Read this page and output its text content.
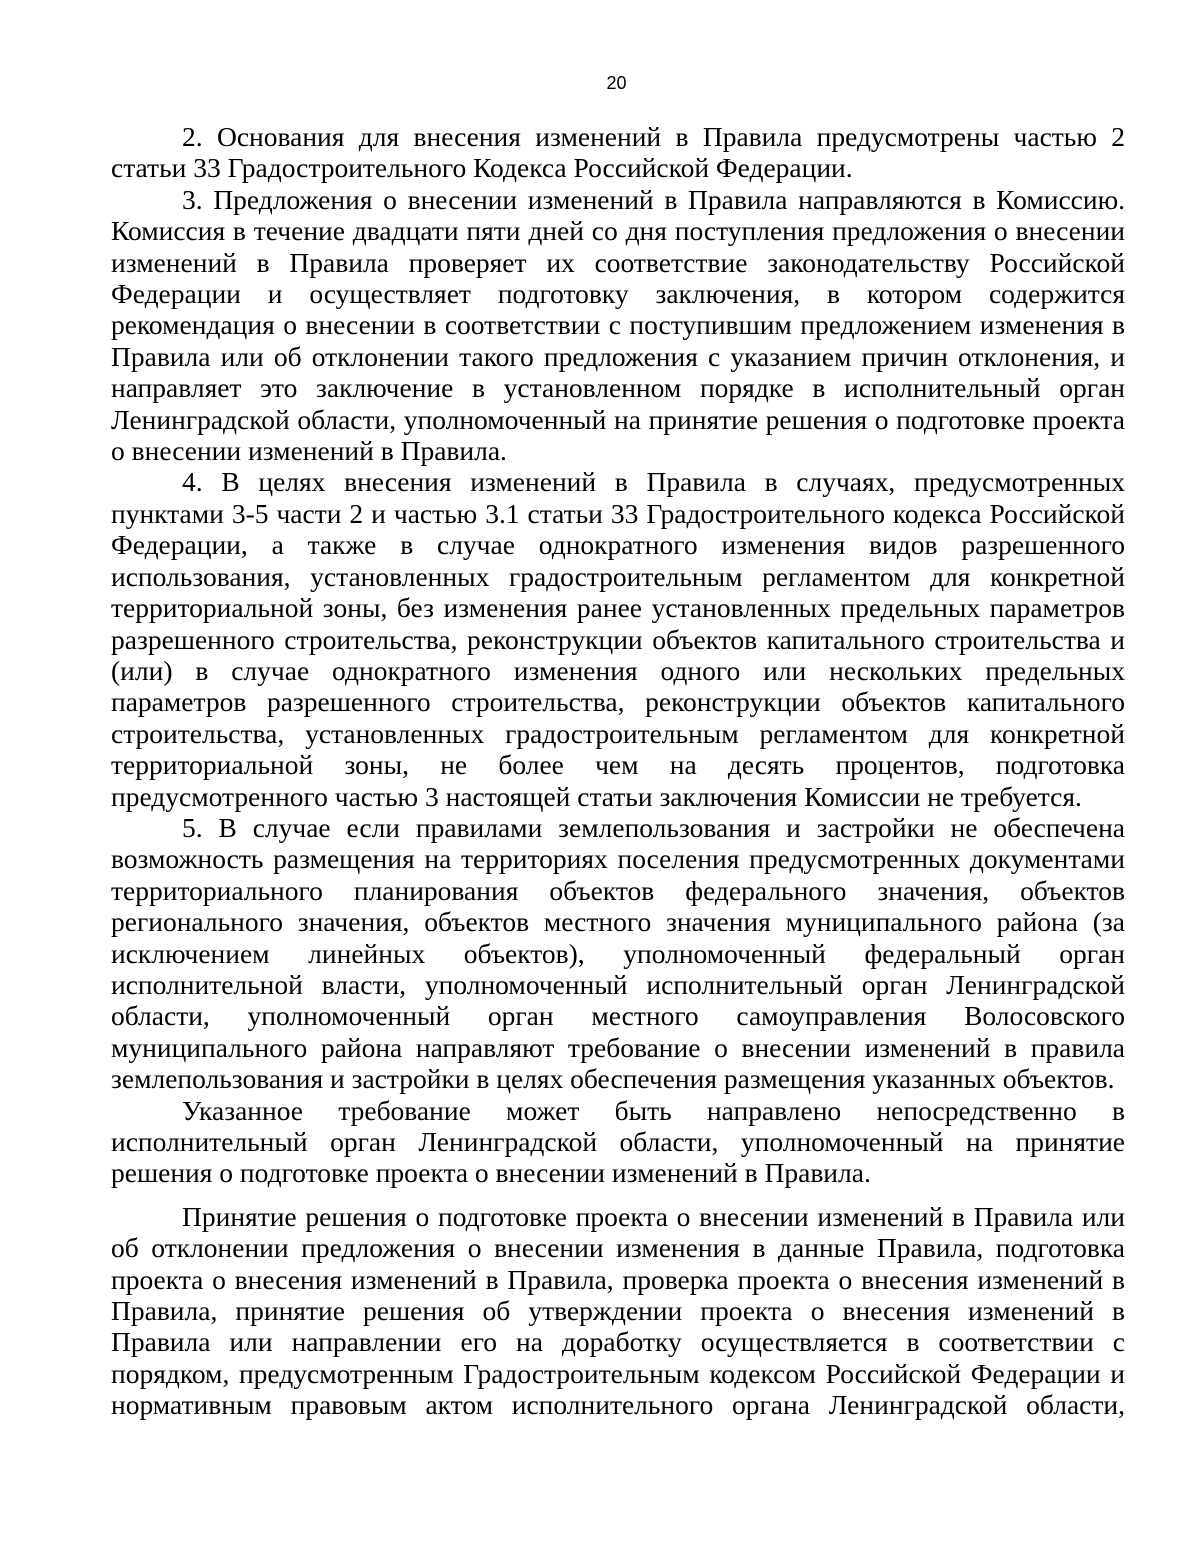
20

2. Основания для внесения изменений в Правила предусмотрены частью 2 статьи 33 Градостроительного Кодекса Российской Федерации.

3. Предложения о внесении изменений в Правила направляются в Комиссию. Комиссия в течение двадцати пяти дней со дня поступления предложения о внесении изменений в Правила проверяет их соответствие законодательству Российской Федерации и осуществляет подготовку заключения, в котором содержится рекомендация о внесении в соответствии с поступившим предложением изменения в Правила или об отклонении такого предложения с указанием причин отклонения, и направляет это заключение в установленном порядке в исполнительный орган Ленинградской области, уполномоченный на принятие решения о подготовке проекта о внесении изменений в Правила.

4. В целях внесения изменений в Правила в случаях, предусмотренных пунктами 3-5 части 2 и частью 3.1 статьи 33 Градостроительного кодекса Российской Федерации, а также в случае однократного изменения видов разрешенного использования, установленных градостроительным регламентом для конкретной территориальной зоны, без изменения ранее установленных предельных параметров разрешенного строительства, реконструкции объектов капитального строительства и (или) в случае однократного изменения одного или нескольких предельных параметров разрешенного строительства, реконструкции объектов капитального строительства, установленных градостроительным регламентом для конкретной территориальной зоны, не более чем на десять процентов, подготовка предусмотренного частью 3 настоящей статьи заключения Комиссии не требуется.

5. В случае если правилами землепользования и застройки не обеспечена возможность размещения на территориях поселения предусмотренных документами территориального планирования объектов федерального значения, объектов регионального значения, объектов местного значения муниципального района (за исключением линейных объектов), уполномоченный федеральный орган исполнительной власти, уполномоченный исполнительный орган Ленинградской области, уполномоченный орган местного самоуправления Волосовского муниципального района направляют требование о внесении изменений в правила землепользования и застройки в целях обеспечения размещения указанных объектов.

Указанное требование может быть направлено непосредственно в исполнительный орган Ленинградской области, уполномоченный на принятие решения о подготовке проекта о внесении изменений в Правила.

Принятие решения о подготовке проекта о внесении изменений в Правила или об отклонении предложения о внесении изменения в данные Правила, подготовка проекта о внесения изменений в Правила, проверка проекта о внесения изменений в Правила, принятие решения об утверждении проекта о внесения изменений в Правила или направлении его на доработку осуществляется в соответствии с порядком, предусмотренным Градостроительным кодексом Российской Федерации и нормативным правовым актом исполнительного органа Ленинградской области,
